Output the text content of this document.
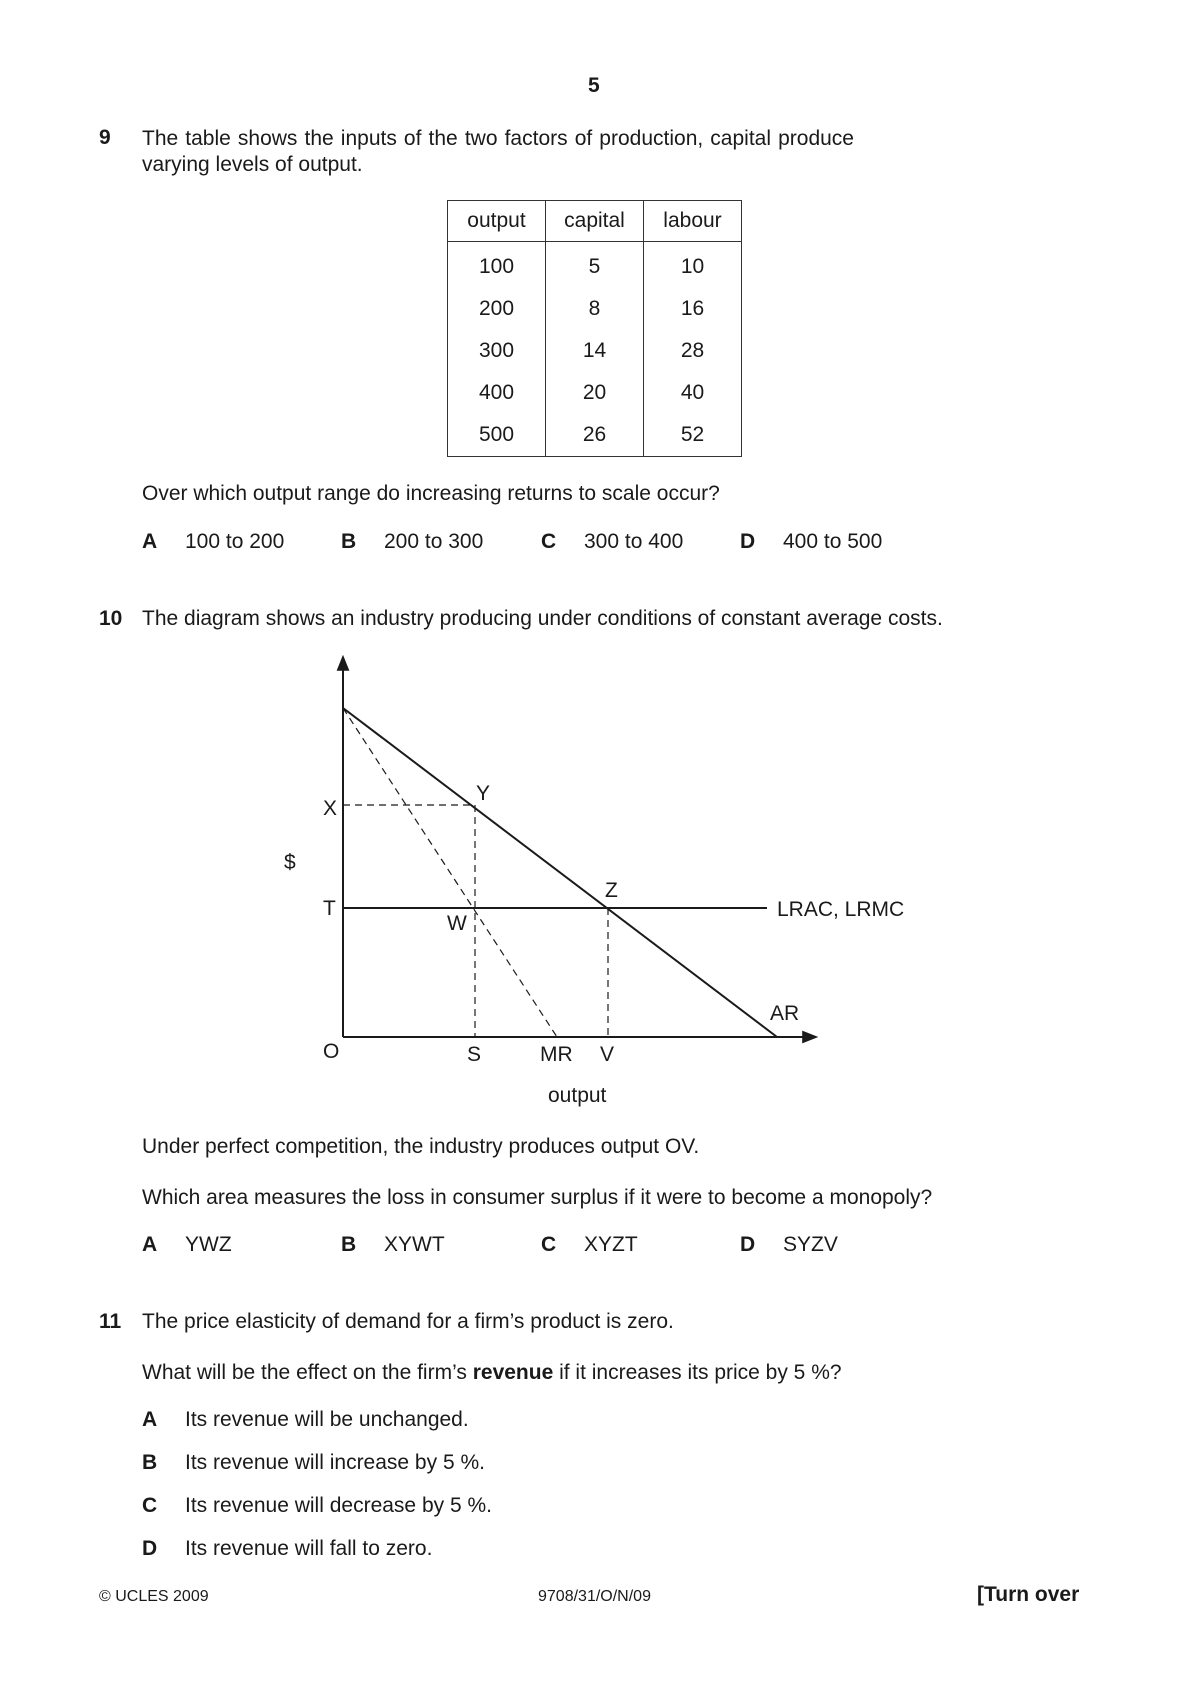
5
9 The table shows the inputs of the two factors of production, capital produce varying levels of output.
output	capital	labour
100	5	10
200	8	16
300	14	28
400	20	40
500	26	52
Over which output range do increasing returns to scale occur?
A 100 to 200	B 200 to 300	C 300 to 400	D 400 to 500
10 The diagram shows an industry producing under conditions of constant average costs.
$
X
T
Y
W
Z
LRAC, LRMC
AR
O	S	MR V
output
Under perfect competition, the industry produces output OV.
Which area measures the loss in consumer surplus if it were to become a monopoly?
A YWZ	B XYWT	C XYZT	D SYZV
11 The price elasticity of demand for a firm’s product is zero.
What will be the effect on the firm’s revenue if it increases its price by 5 %?
A Its revenue will be unchanged.
B Its revenue will increase by 5 %.
C Its revenue will decrease by 5 %.
D Its revenue will fall to zero.
© UCLES 2009	9708/31/O/N/09	[Turn over
